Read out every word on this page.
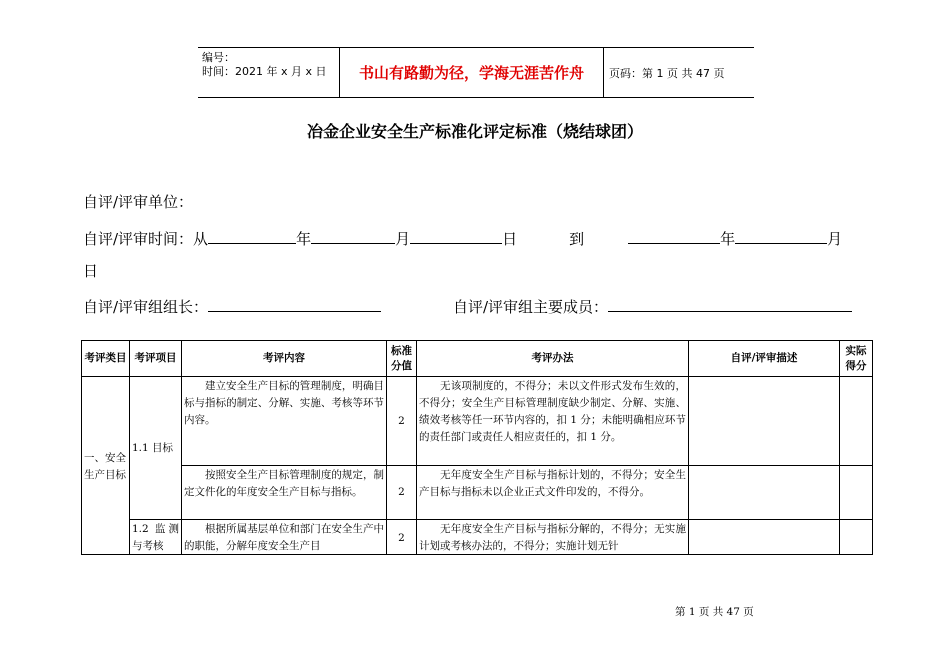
编号：
时间：2021 年 x 月 x 日	书山有路勤为径，学海无涯苦作舟	页码：第 1 页 共 47 页
冶金企业安全生产标准化评定标准（烧结球团）
自评/评审单位：
自评/评审时间：从	年	月	日	到	年	月
日
自评/评审组组长：	自评/评审组主要成员：
考评类目	考评项目	考评内容	标准分值	考评办法	自评/评审描述	实际得分
一、安全生产目标	1.1 目标	建立安全生产目标的管理制度，明确目标与指标的制定、分解、实施、考核等环节内容。	2	无该项制度的，不得分；未以文件形式发布生效的，不得分；安全生产目标管理制度缺少制定、分解、实施、绩效考核等任一环节内容的，扣 1 分；未能明确相应环节的责任部门或责任人相应责任的，扣 1 分。		
		按照安全生产目标管理制度的规定，制定文件化的年度安全生产目标与指标。	2	无年度安全生产目标与指标计划的，不得分；安全生产目标与指标未以企业正式文件印发的，不得分。		
	1.2 监测与考核	根据所属基层单位和部门在安全生产中的职能，分解年度安全生产目	2	无年度安全生产目标与指标分解的，不得分；无实施计划或考核办法的，不得分；实施计划无针		
第 1 页 共 47 页
